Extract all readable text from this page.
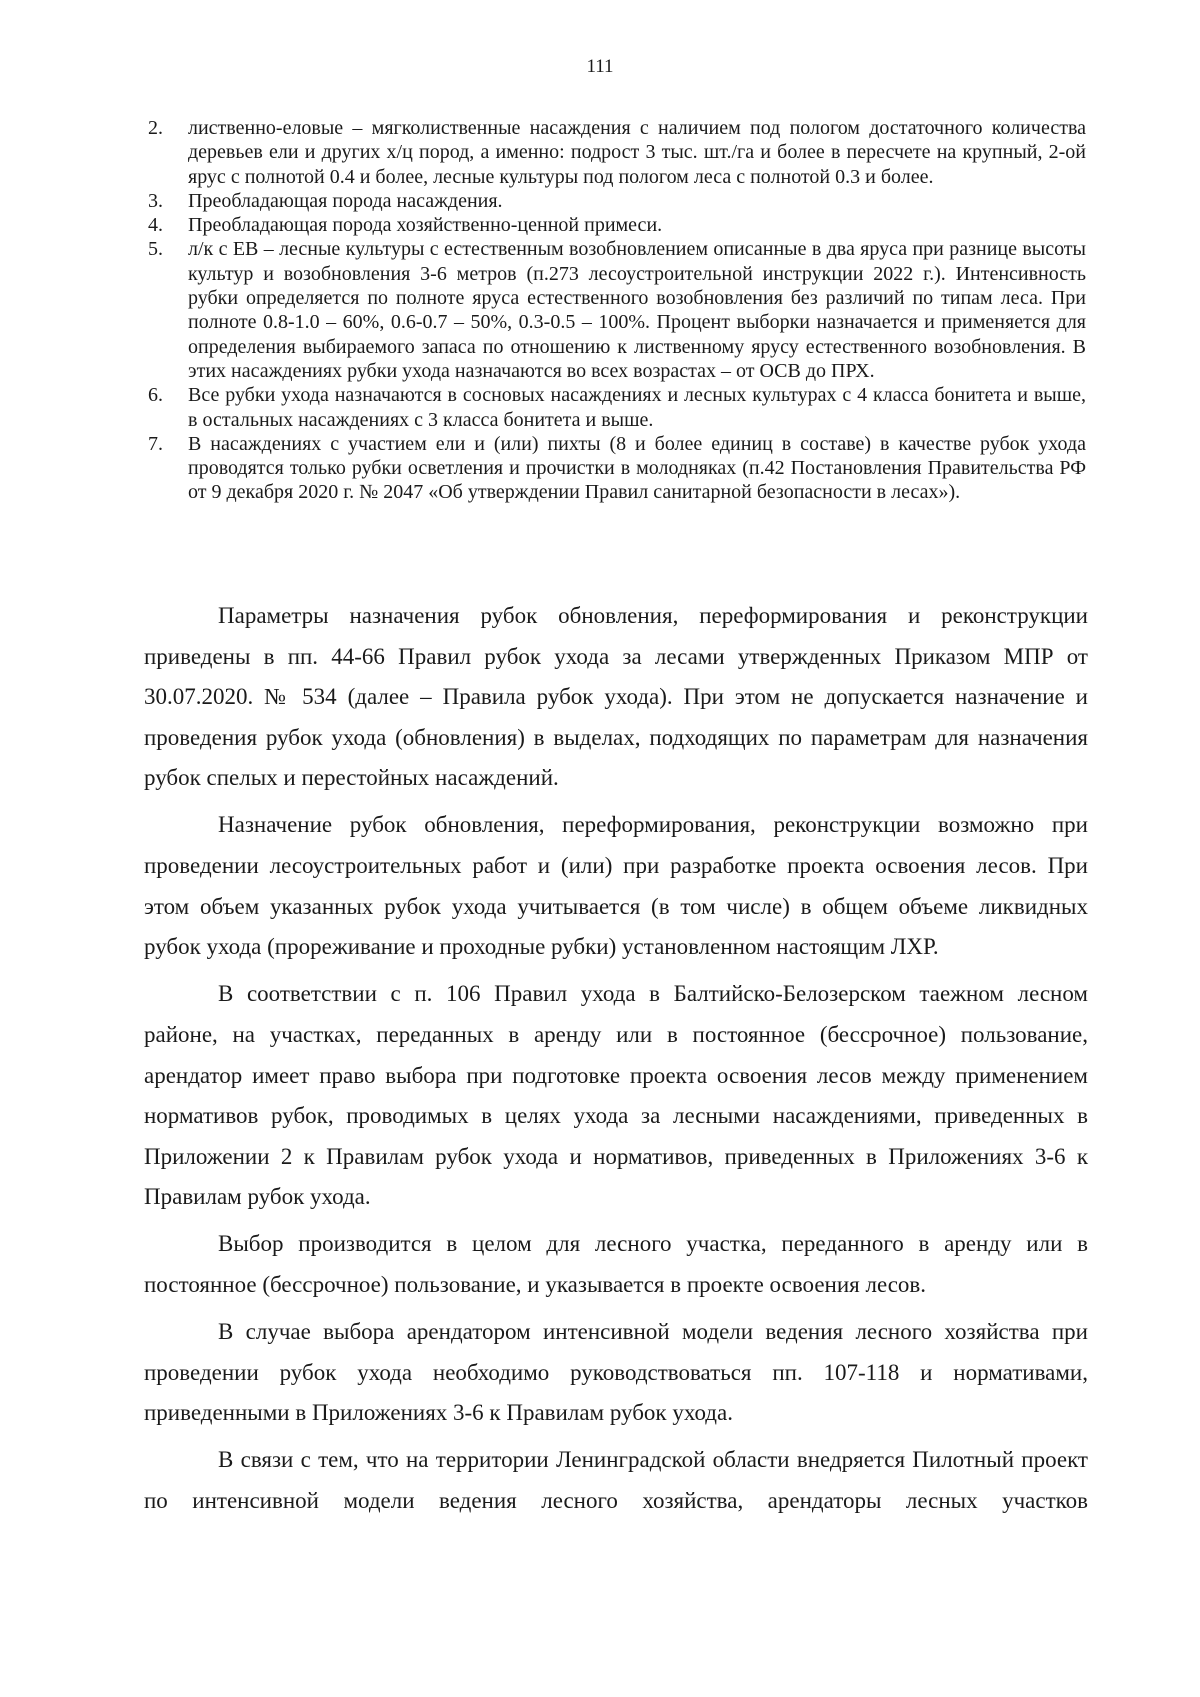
111
2. лиственно-еловые – мягколиственные насаждения с наличием под пологом достаточного количества деревьев ели и других х/ц пород, а именно: подрост 3 тыс. шт./га и более в пересчете на крупный, 2-ой ярус с полнотой 0.4 и более, лесные культуры под пологом леса с полнотой 0.3 и более.
3. Преобладающая порода насаждения.
4. Преобладающая порода хозяйственно-ценной примеси.
5. л/к с ЕВ – лесные культуры с естественным возобновлением описанные в два яруса при разнице высоты культур и возобновления 3-6 метров (п.273 лесоустроительной инструкции 2022 г.). Интенсивность рубки определяется по полноте яруса естественного возобновления без различий по типам леса. При полноте 0.8-1.0 – 60%, 0.6-0.7 – 50%, 0.3-0.5 – 100%. Процент выборки назначается и применяется для определения выбираемого запаса по отношению к лиственному ярусу естественного возобновления. В этих насаждениях рубки ухода назначаются во всех возрастах – от ОСВ до ПРХ.
6. Все рубки ухода назначаются в сосновых насаждениях и лесных культурах с 4 класса бонитета и выше, в остальных насаждениях с 3 класса бонитета и выше.
7. В насаждениях с участием ели и (или) пихты (8 и более единиц в составе) в качестве рубок ухода проводятся только рубки осветления и прочистки в молодняках (п.42 Постановления Правительства РФ от 9 декабря 2020 г. № 2047 «Об утверждении Правил санитарной безопасности в лесах»).

Параметры назначения рубок обновления, переформирования и реконструкции приведены в пп. 44-66 Правил рубок ухода за лесами утвержденных Приказом МПР от 30.07.2020. № 534 (далее – Правила рубок ухода). При этом не допускается назначение и проведения рубок ухода (обновления) в выделах, подходящих по параметрам для назначения рубок спелых и перестойных насаждений.

Назначение рубок обновления, переформирования, реконструкции возможно при проведении лесоустроительных работ и (или) при разработке проекта освоения лесов. При этом объем указанных рубок ухода учитывается (в том числе) в общем объеме ликвидных рубок ухода (прореживание и проходные рубки) установленном настоящим ЛХР.

В соответствии с п. 106 Правил ухода в Балтийско-Белозерском таежном лесном районе, на участках, переданных в аренду или в постоянное (бессрочное) пользование, арендатор имеет право выбора при подготовке проекта освоения лесов между применением нормативов рубок, проводимых в целях ухода за лесными насаждениями, приведенных в Приложении 2 к Правилам рубок ухода и нормативов, приведенных в Приложениях 3-6 к Правилам рубок ухода.

Выбор производится в целом для лесного участка, переданного в аренду или в постоянное (бессрочное) пользование, и указывается в проекте освоения лесов.

В случае выбора арендатором интенсивной модели ведения лесного хозяйства при проведении рубок ухода необходимо руководствоваться пп. 107-118 и нормативами, приведенными в Приложениях 3-6 к Правилам рубок ухода.

В связи с тем, что на территории Ленинградской области внедряется Пилотный проект по интенсивной модели ведения лесного хозяйства, арендаторы лесных участков
